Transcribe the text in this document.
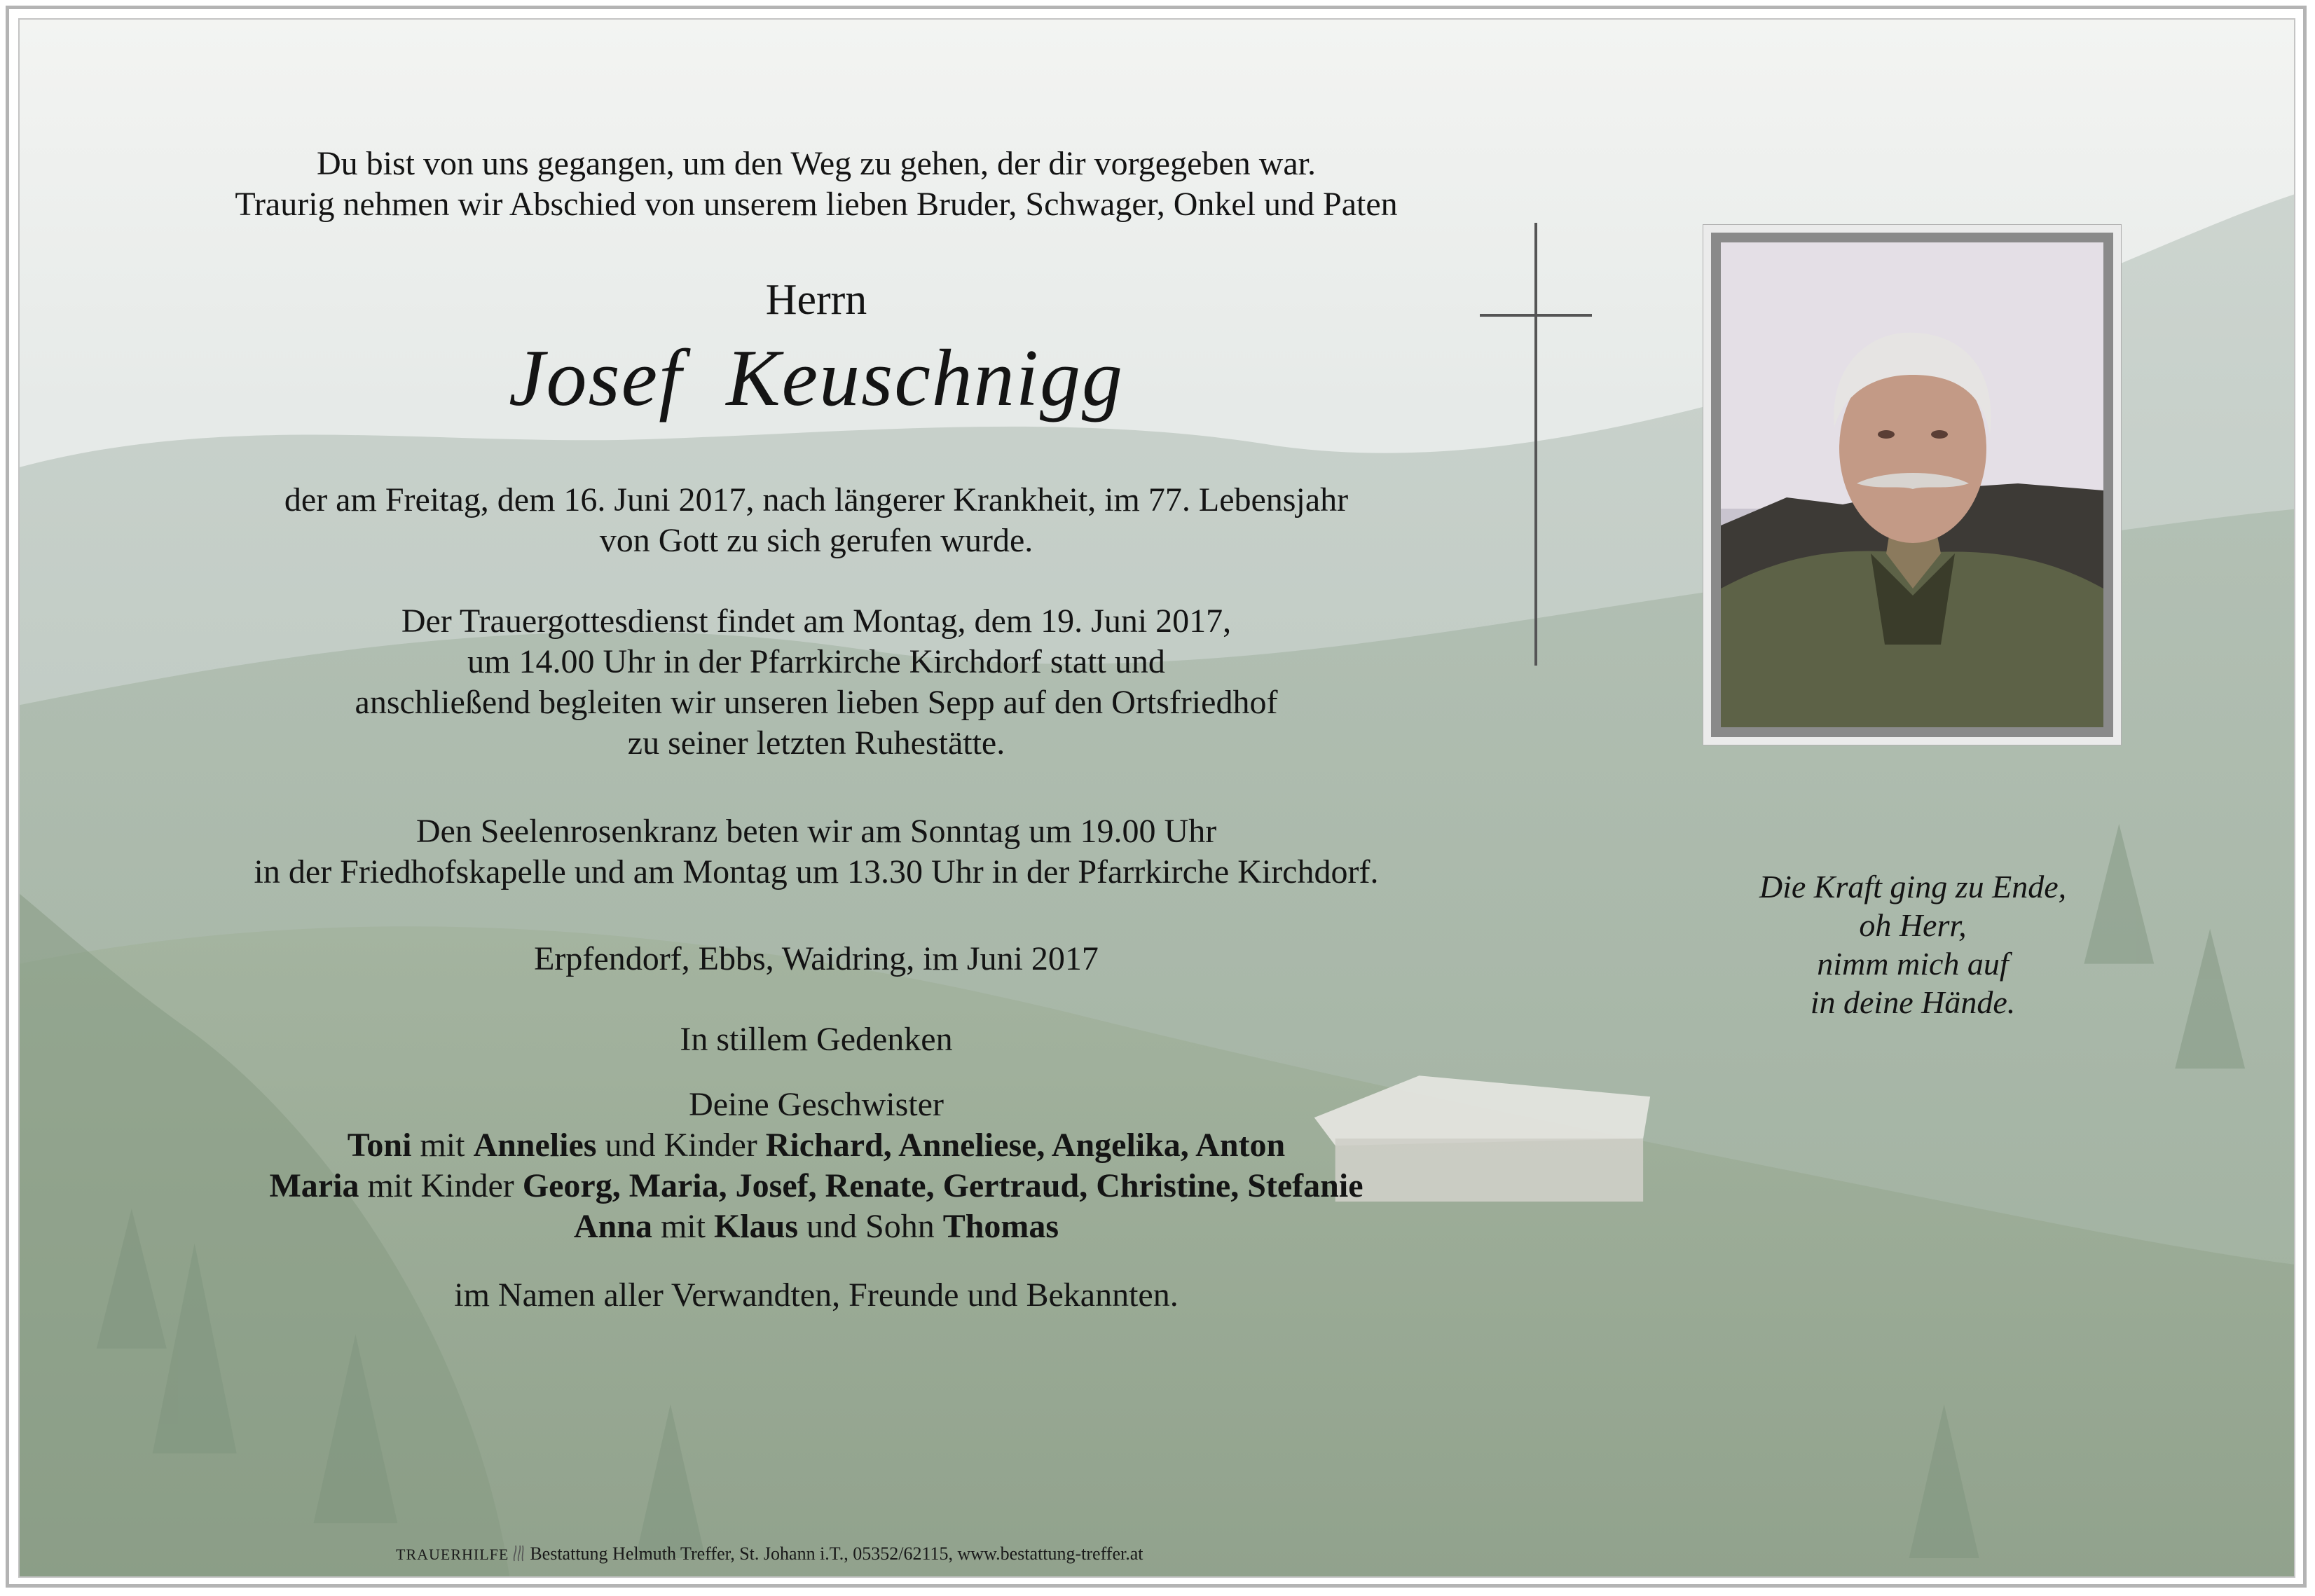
Du bist von uns gegangen, um den Weg zu gehen, der dir vorgegeben war.
Traurig nehmen wir Abschied von unserem lieben Bruder, Schwager, Onkel und Paten
Herrn
Josef  Keuschnigg
der am Freitag, dem 16. Juni 2017, nach längerer Krankheit, im 77. Lebensjahr
von Gott zu sich gerufen wurde.
Der Trauergottesdienst findet am Montag, dem 19. Juni 2017,
um 14.00 Uhr in der Pfarrkirche Kirchdorf statt und
anschließend begleiten wir unseren lieben Sepp auf den Ortsfriedhof
zu seiner letzten Ruhestätte.
Den Seelenrosenkranz beten wir am Sonntag um 19.00 Uhr
in der Friedhofskapelle und am Montag um 13.30 Uhr in der Pfarrkirche Kirchdorf.
Erpfendorf, Ebbs, Waidring, im Juni 2017
In stillem Gedenken
Deine Geschwister
Toni mit Annelies und Kinder Richard, Anneliese, Angelika, Anton
Maria mit Kinder Georg, Maria, Josef, Renate, Gertraud, Christine, Stefanie
Anna mit Klaus und Sohn Thomas
im Namen aller Verwandten, Freunde und Bekannten.
Die Kraft ging zu Ende,
oh Herr,
nimm mich auf
in deine Hände.
TRAUERHILFE Bestattung Helmuth Treffer, St. Johann i.T., 05352/62115, www.bestattung-treffer.at
